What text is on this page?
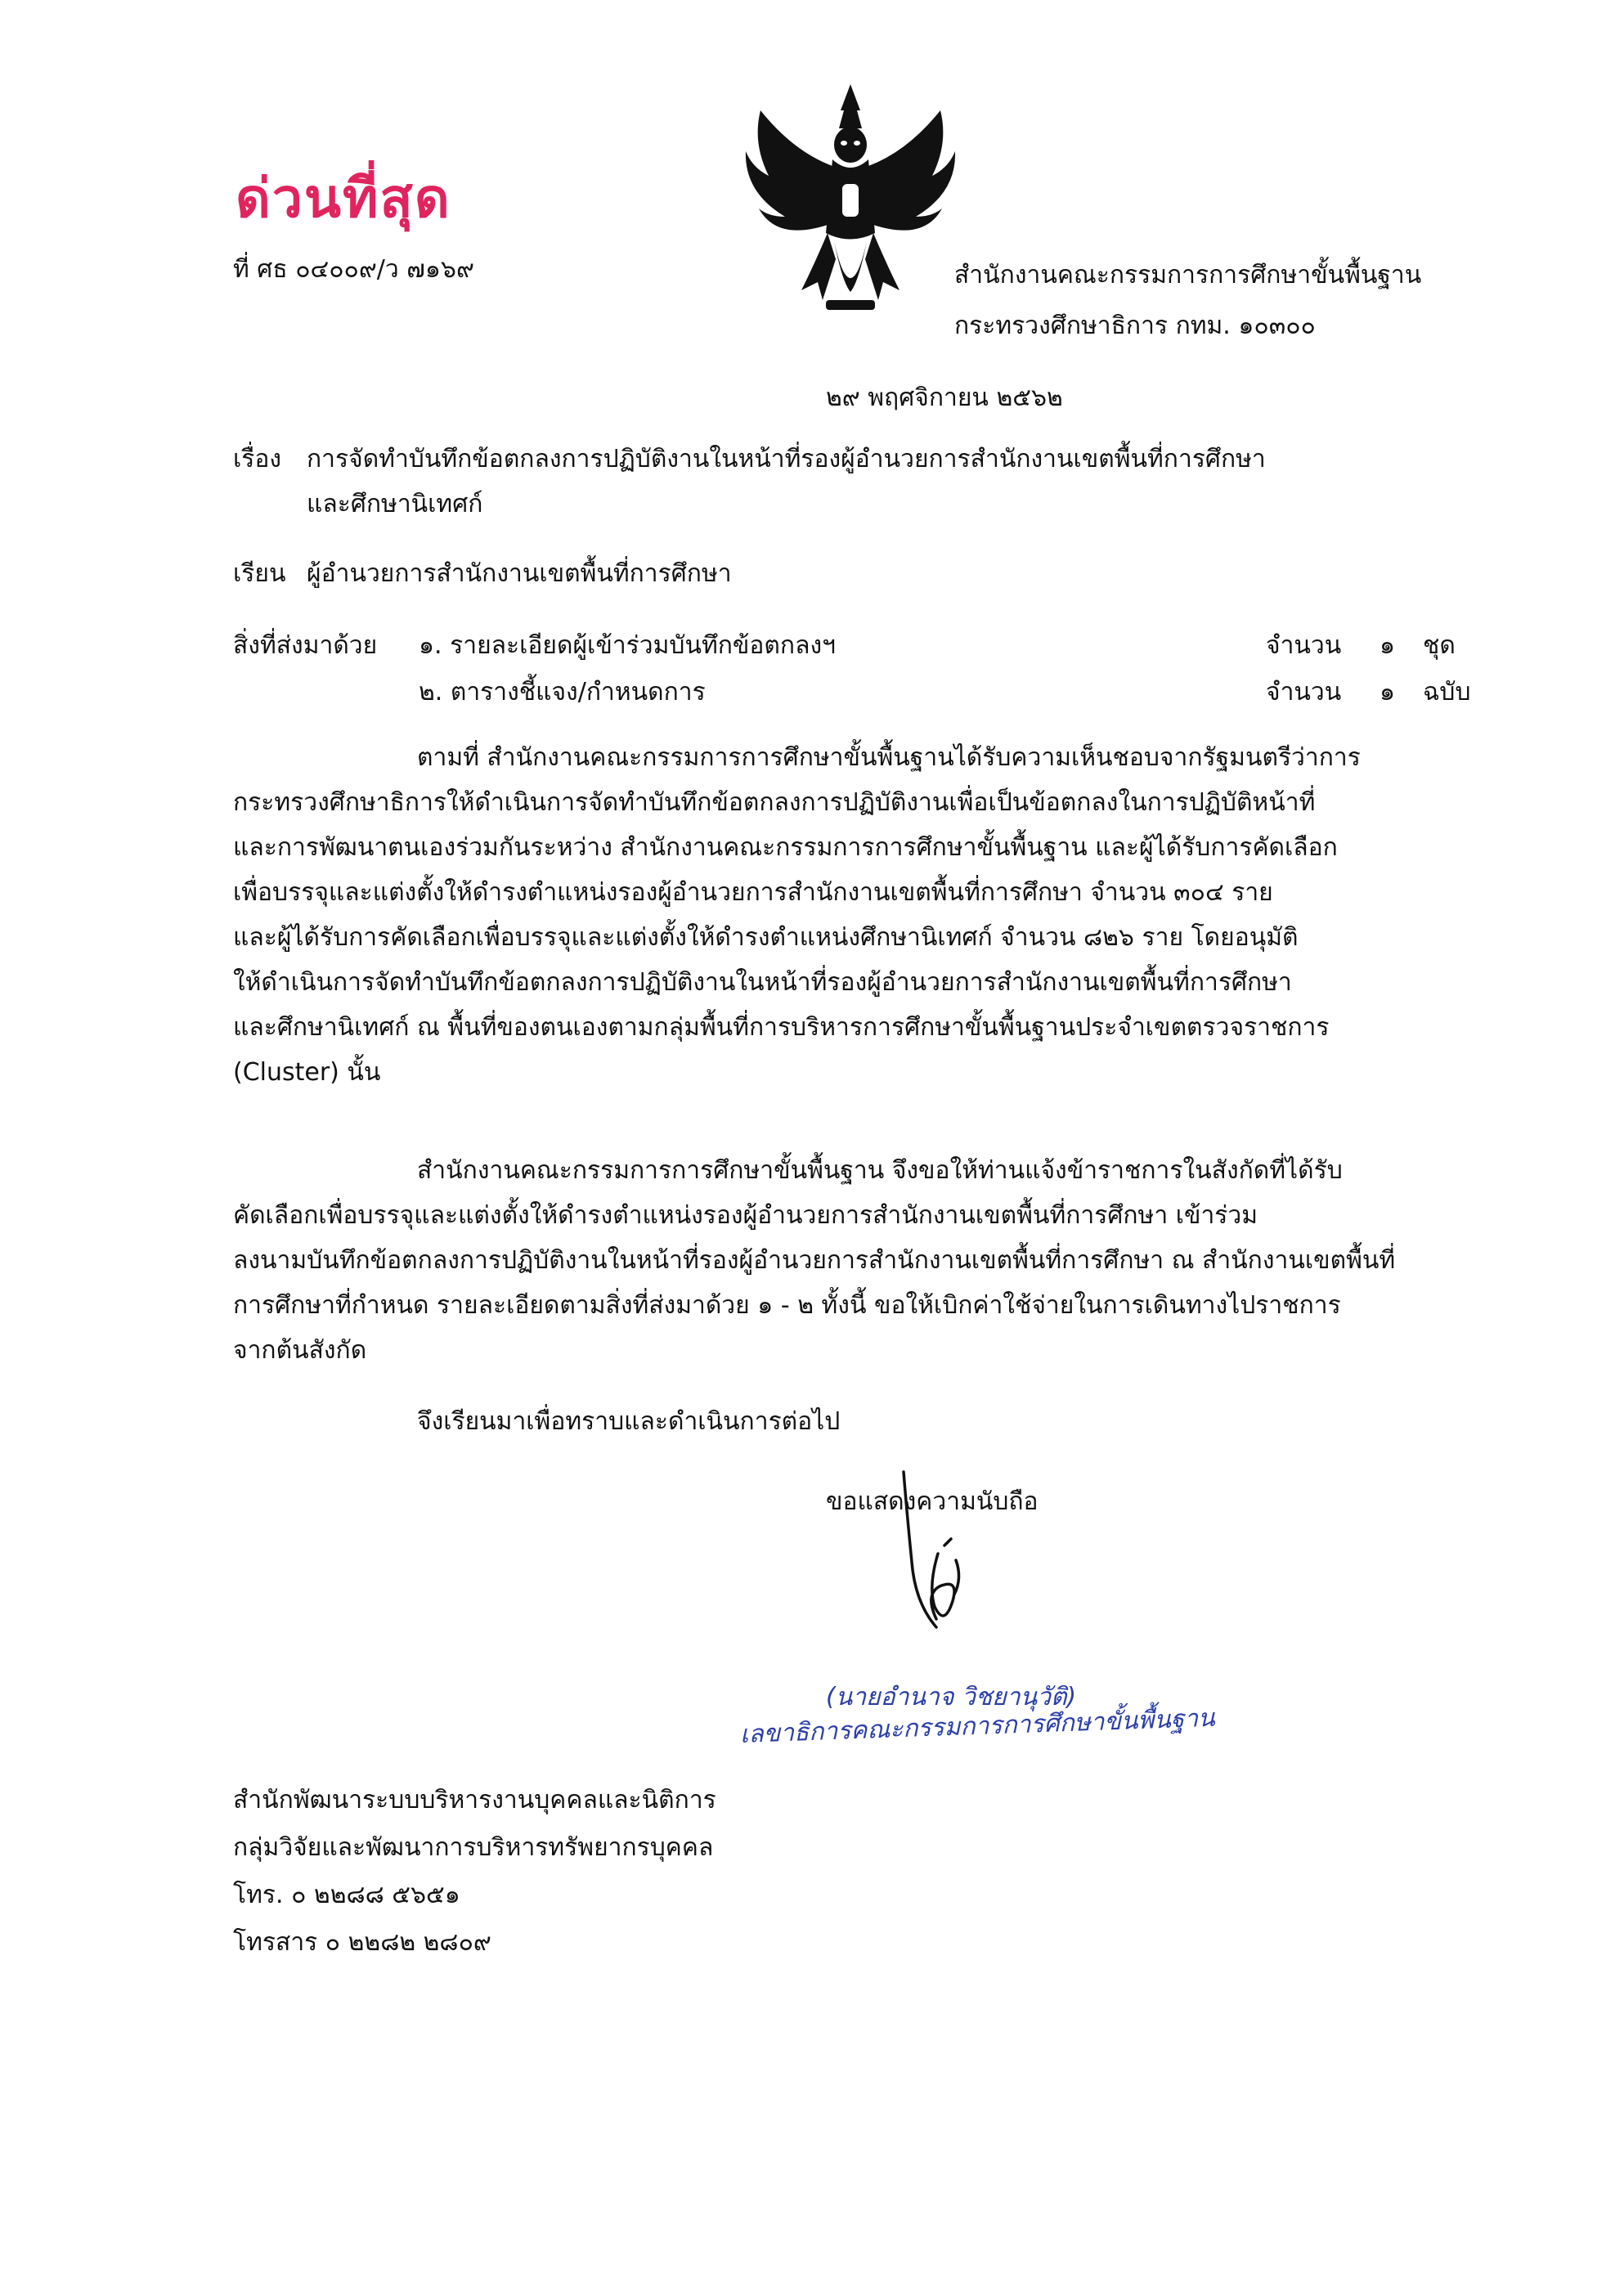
ด่วนที่สุด
ที่ ศธ ๐๔๐๐๙/ว ๗๑๖๙	สำนักงานคณะกรรมการการศึกษาขั้นพื้นฐาน
กระทรวงศึกษาธิการ กทม. ๑๐๓๐๐
๒๙ พฤศจิกายน ๒๕๖๒
เรื่อง การจัดทำบันทึกข้อตกลงการปฏิบัติงานในหน้าที่รองผู้อำนวยการสำนักงานเขตพื้นที่การศึกษา
และศึกษานิเทศก์
เรียน ผู้อำนวยการสำนักงานเขตพื้นที่การศึกษา
สิ่งที่ส่งมาด้วย ๑. รายละเอียดผู้เข้าร่วมบันทึกข้อตกลงฯ	จำนวน ๑ ชุด
๒. ตารางชี้แจง/กำหนดการ	จำนวน ๑ ฉบับ
ตามที่ สำนักงานคณะกรรมการการศึกษาขั้นพื้นฐานได้รับความเห็นชอบจากรัฐมนตรีว่าการ
กระทรวงศึกษาธิการให้ดำเนินการจัดทำบันทึกข้อตกลงการปฏิบัติงานเพื่อเป็นข้อตกลงในการปฏิบัติหน้าที่
และการพัฒนาตนเองร่วมกันระหว่าง สำนักงานคณะกรรมการการศึกษาขั้นพื้นฐาน และผู้ได้รับการคัดเลือก
เพื่อบรรจุและแต่งตั้งให้ดำรงตำแหน่งรองผู้อำนวยการสำนักงานเขตพื้นที่การศึกษา จำนวน ๓๐๔ ราย
และผู้ได้รับการคัดเลือกเพื่อบรรจุและแต่งตั้งให้ดำรงตำแหน่งศึกษานิเทศก์ จำนวน ๘๒๖ ราย โดยอนุมัติ
ให้ดำเนินการจัดทำบันทึกข้อตกลงการปฏิบัติงานในหน้าที่รองผู้อำนวยการสำนักงานเขตพื้นที่การศึกษา
และศึกษานิเทศก์ ณ พื้นที่ของตนเองตามกลุ่มพื้นที่การบริหารการศึกษาขั้นพื้นฐานประจำเขตตรวจราชการ
(Cluster) นั้น
สำนักงานคณะกรรมการการศึกษาขั้นพื้นฐาน จึงขอให้ท่านแจ้งข้าราชการในสังกัดที่ได้รับ
คัดเลือกเพื่อบรรจุและแต่งตั้งให้ดำรงตำแหน่งรองผู้อำนวยการสำนักงานเขตพื้นที่การศึกษา เข้าร่วม
ลงนามบันทึกข้อตกลงการปฏิบัติงานในหน้าที่รองผู้อำนวยการสำนักงานเขตพื้นที่การศึกษา ณ สำนักงานเขตพื้นที่
การศึกษาที่กำหนด รายละเอียดตามสิ่งที่ส่งมาด้วย ๑ - ๒ ทั้งนี้ ขอให้เบิกค่าใช้จ่ายในการเดินทางไปราชการ
จากต้นสังกัด
จึงเรียนมาเพื่อทราบและดำเนินการต่อไป
ขอแสดงความนับถือ
(นายอำนาจ วิชยานุวัติ)
เลขาธิการคณะกรรมการการศึกษาขั้นพื้นฐาน
สำนักพัฒนาระบบบริหารงานบุคคลและนิติการ
กลุ่มวิจัยและพัฒนาการบริหารทรัพยากรบุคคล
โทร. ๐ ๒๒๘๘ ๕๖๕๑
โทรสาร ๐ ๒๒๘๒ ๒๘๐๙
